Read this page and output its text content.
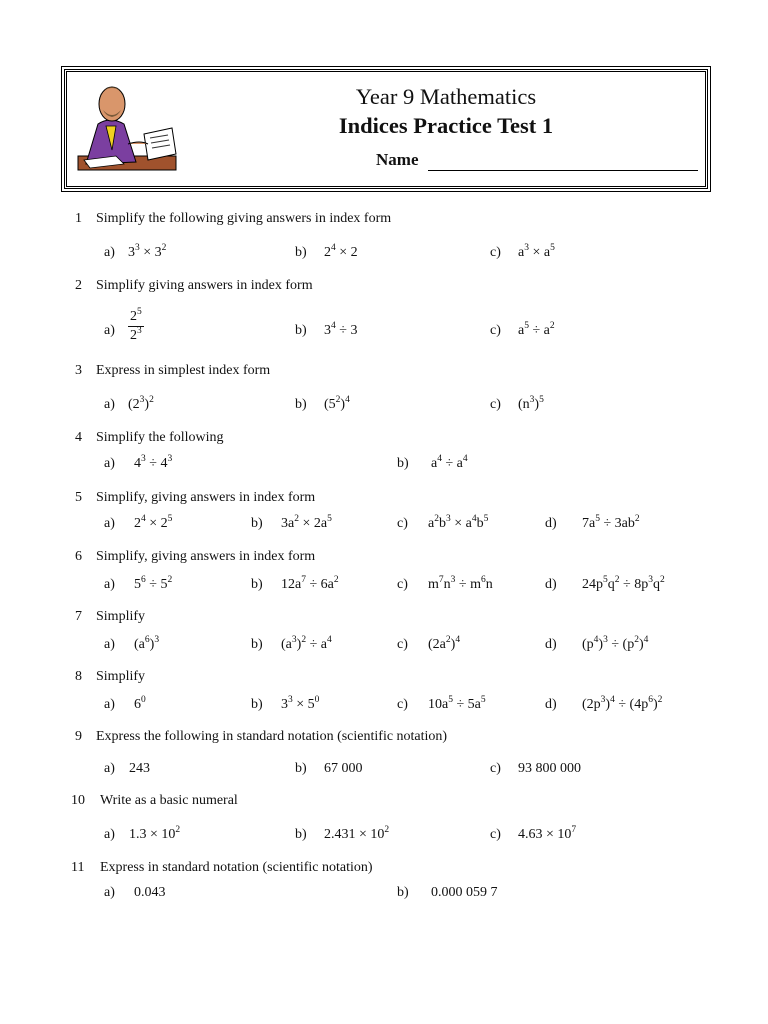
Year 9 Mathematics
Indices Practice Test 1
Name
1 Simplify the following giving answers in index form
a) $3^3 \times 3^2$	b) $2^4 \times 2$	c) $a^3 \times a^5$
2 Simplify giving answers in index form
$a) \frac{2^5}{2^3}$	b) $3^4 \div 3$	c) $a^5 \div a^2$
3 Express in simplest index form
a) $(2^3)^2$	b) $(5^2)^4$	c) $(n^3)^5$
4 Simplify the following
a) $4^3 \div 4^3$	b) $a^4 \div a^4$
5 Simplify, giving answers in index form
a) $2^4 \times 2^5$	b) $3a^2 \times 2a^5$	c) $a^2b^3 \times a^4b^5$	d) $7a^5 \div 3ab^2$
6 Simplify, giving answers in index form
a) $5^6 \div 5^2$	b) $12a^7 \div 6a^2$	c) $m^7n^3 \div m^6n$	d) $24p^5q^2 \div 8p^3q^2$
7 Simplify
a) $(a^6)^3$	b) $(a^3)^2 \div a^4$	c) $(2a^2)^4$	d) $(p^4)^3 \div (p^2)^4$
8 Simplify
a) $6^0$	b) $3^3 \times 5^0$	c) $10a^5 \div 5a^5$	d) $(2p^3)^4 \div (4p^6)^2$
9 Express the following in standard notation (scientific notation)
a) 243	b) 67 000	c) 93 800 000
10 Write as a basic numeral
a) $1.3 \times 10^2$	b) $2.431 \times 10^2$	c) $4.63 \times 10^7$
11 Express in standard notation (scientific notation)
a) 0.043	b) 0.000 059 7
